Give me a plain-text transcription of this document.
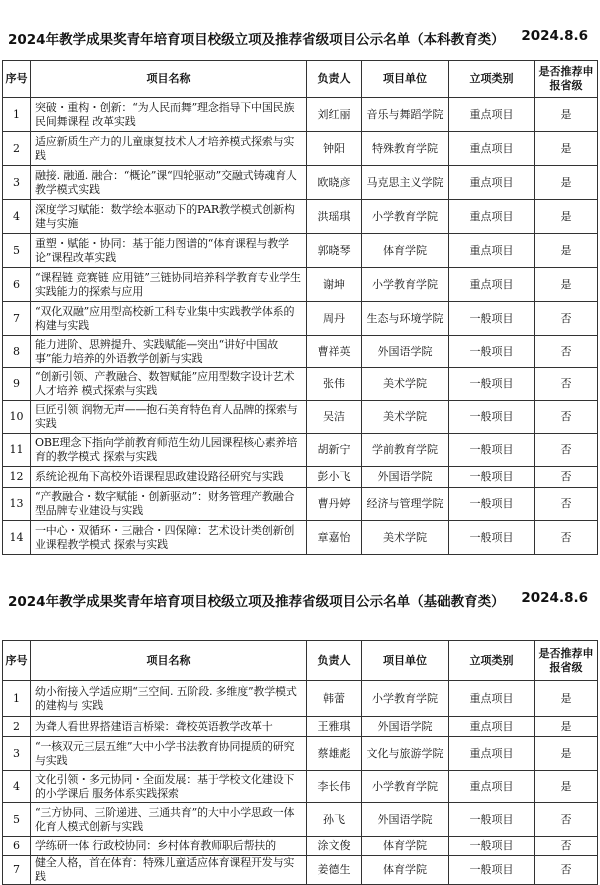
2024年教学成果奖青年培育项目校级立项及推荐省级项目公示名单（本科教育类） 2024.8.6
序号	项目名称	负责人	项目单位	立项类别	是否推荐申报省级
1	突破・重构・创新：“为人民而舞”理念指导下中国民族民间舞课程 改革实践	刘红丽	音乐与舞蹈学院	重点项目	是
2	适应新质生产力的儿童康复技术人才培养模式探索与实践	钟阳	特殊教育学院	重点项目	是
3	融接. 融通. 融合：“概论”课“四轮驱动”交融式铸魂育人教学模式实践	欧晓彦	马克思主义学院	重点项目	是
4	深度学习赋能：数学绘本驱动下的PAR教学模式创新构建与实施	洪瑶琪	小学教育学院	重点项目	是
5	重塑・赋能・协同：基于能力图谱的“体育课程与教学论”课程改革实践	郭晓琴	体育学院	重点项目	是
6	“课程链 竞赛链 应用链”三链协同培养科学教育专业学生实践能力的探索与应用	谢坤	小学教育学院	重点项目	是
7	“双化双融”应用型高校新工科专业集中实践教学体系的构建与实践	周丹	生态与环境学院	一般项目	否
8	能力进阶、思辨提升、实践赋能—突出“讲好中国故事”能力培养的外语教学创新与实践	曹祥英	外国语学院	一般项目	否
9	“创新引领、产教融合、数智赋能”应用型数字设计艺术人才培养 模式探索与实践	张伟	美术学院	一般项目	否
10	巨匠引领 润物无声——抱石美育特色育人品牌的探索与实践	吴洁	美术学院	一般项目	否
11	OBE理念下指向学前教育师范生幼儿园课程核心素养培育的教学模式 探索与实践	胡新宁	学前教育学院	一般项目	否
12	系统论视角下高校外语课程思政建设路径研究与实践	彭小飞	外国语学院	一般项目	否
13	“产教融合・数字赋能・创新驱动”：财务管理产教融合型品牌专业建设与实践	曹丹婷	经济与管理学院	一般项目	否
14	一中心・双循环・三融合・四保障：艺术设计类创新创业课程教学模式 探索与实践	章嘉怡	美术学院	一般项目	否
2024年教学成果奖青年培育项目校级立项及推荐省级项目公示名单（基础教育类） 2024.8.6
序号	项目名称	负责人	项目单位	立项类别	是否推荐申报省级
1	幼小衔接入学适应期“三空间. 五阶段. 多维度”教学模式的建构与 实践	韩蕾	小学教育学院	重点项目	是
2	为聋人看世界搭建语言桥梁：聋校英语教学改革十	王雅琪	外国语学院	重点项目	是
3	“一核双元三层五维”大中小学书法教育协同提质的研究与实践	蔡雄彪	文化与旅游学院	重点项目	是
4	文化引领・多元协同・全面发展：基于学校文化建设下的小学课后 服务体系实践探索	李长伟	小学教育学院	重点项目	是
5	“三方协同、三阶递进、三通共育”的大中小学思政一体化育人模式创新与实践	孙飞	外国语学院	一般项目	否
6	学练研一体 行政校协同：乡村体育教师职后帮扶的	涂文俊	体育学院	一般项目	否
7	健全人格，首在体育：特殊儿童适应体育课程开发与实践	姜德生	体育学院	一般项目	否
